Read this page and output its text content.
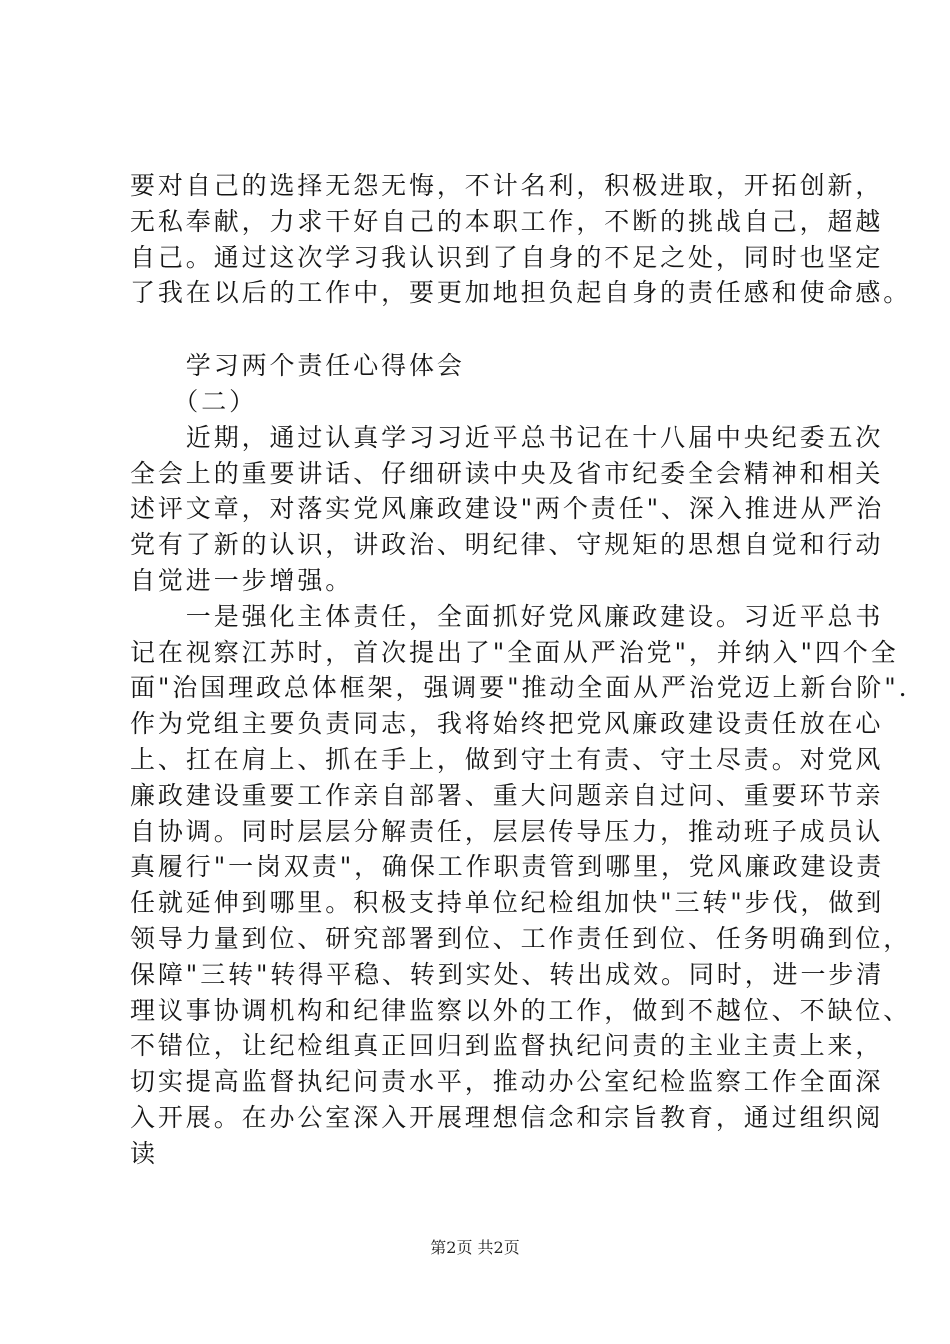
要对自己的选择无怨无悔，不计名利，积极进取，开拓创新，
无私奉献，力求干好自己的本职工作，不断的挑战自己，超越
自己。通过这次学习我认识到了自身的不足之处，同时也坚定
了我在以后的工作中，要更加地担负起自身的责任感和使命感。
　　学习两个责任心得体会
　　（二）
　　近期，通过认真学习习近平总书记在十八届中央纪委五次
全会上的重要讲话、仔细研读中央及省市纪委全会精神和相关
述评文章，对落实党风廉政建设"两个责任"、深入推进从严治
党有了新的认识，讲政治、明纪律、守规矩的思想自觉和行动
自觉进一步增强。
　　一是强化主体责任，全面抓好党风廉政建设。习近平总书
记在视察江苏时，首次提出了"全面从严治党"，并纳入"四个全
面"治国理政总体框架，强调要"推动全面从严治党迈上新台阶".
作为党组主要负责同志，我将始终把党风廉政建设责任放在心
上、扛在肩上、抓在手上，做到守土有责、守土尽责。对党风
廉政建设重要工作亲自部署、重大问题亲自过问、重要环节亲
自协调。同时层层分解责任，层层传导压力，推动班子成员认
真履行"一岗双责"，确保工作职责管到哪里，党风廉政建设责
任就延伸到哪里。积极支持单位纪检组加快"三转"步伐，做到
领导力量到位、研究部署到位、工作责任到位、任务明确到位，
保障"三转"转得平稳、转到实处、转出成效。同时，进一步清
理议事协调机构和纪律监察以外的工作，做到不越位、不缺位、
不错位，让纪检组真正回归到监督执纪问责的主业主责上来，
切实提高监督执纪问责水平，推动办公室纪检监察工作全面深
入开展。在办公室深入开展理想信念和宗旨教育，通过组织阅
读
第2页 共2页
